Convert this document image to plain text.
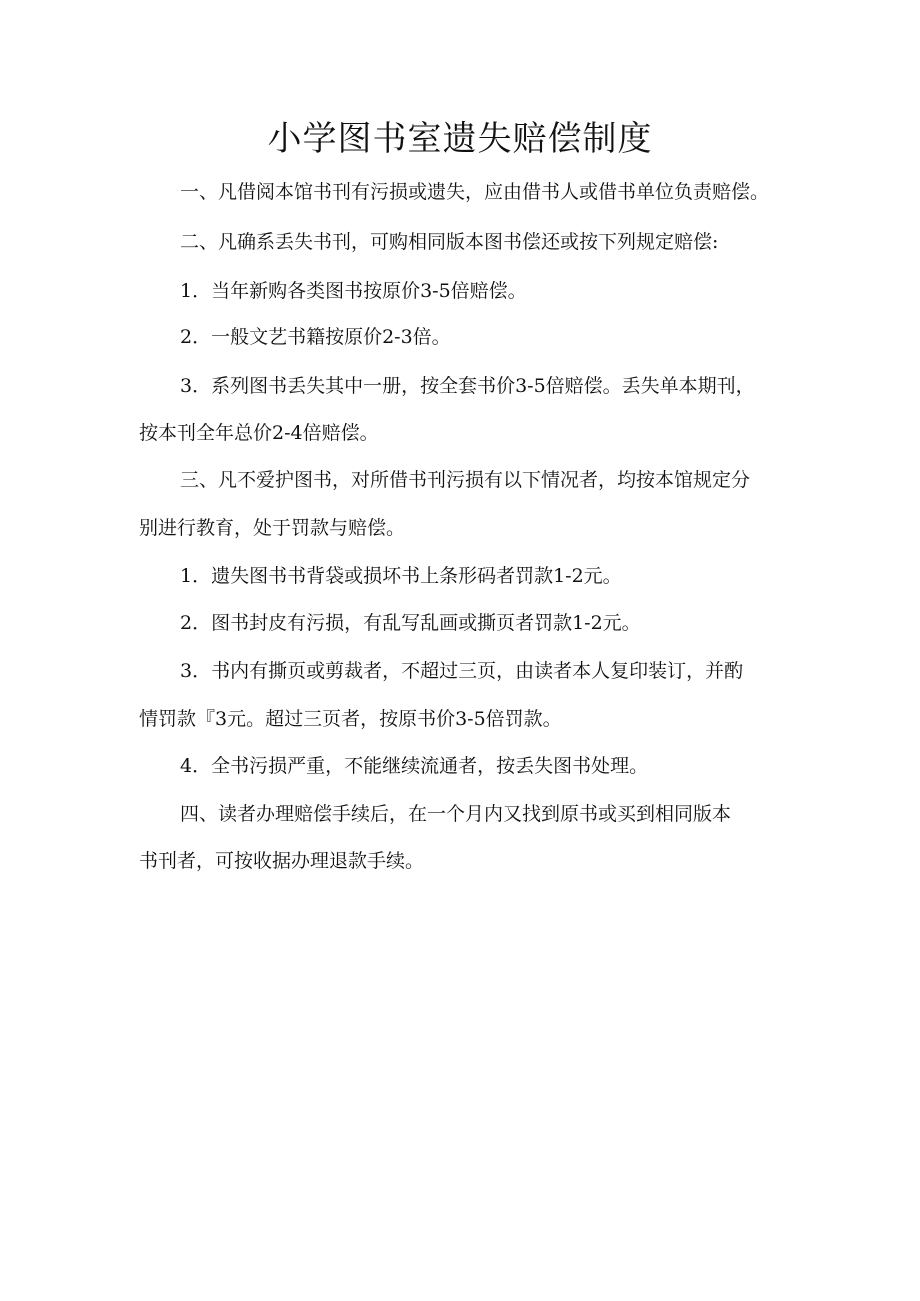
小学图书室遗失赔偿制度
一、凡借阅本馆书刊有污损或遗失，应由借书人或借书单位负责赔偿。
二、凡确系丢失书刊，可购相同版本图书偿还或按下列规定赔偿:
1．当年新购各类图书按原价3-5倍赔偿。
2．一般文艺书籍按原价2-3倍。
3．系列图书丢失其中一册，按全套书价3-5倍赔偿。丢失单本期刊，
按本刊全年总价2-4倍赔偿。
三、凡不爱护图书，对所借书刊污损有以下情况者，均按本馆规定分
别进行教育，处于罚款与赔偿。
1．遗失图书书背袋或损坏书上条形码者罚款1-2元。
2．图书封皮有污损，有乱写乱画或撕页者罚款1-2元。
3．书内有撕页或剪裁者，不超过三页，由读者本人复印装订，并酌
情罚款『3元。超过三页者，按原书价3-5倍罚款。
4．全书污损严重，不能继续流通者，按丢失图书处理。
四、读者办理赔偿手续后，在一个月内又找到原书或买到相同版本
书刊者，可按收据办理退款手续。
